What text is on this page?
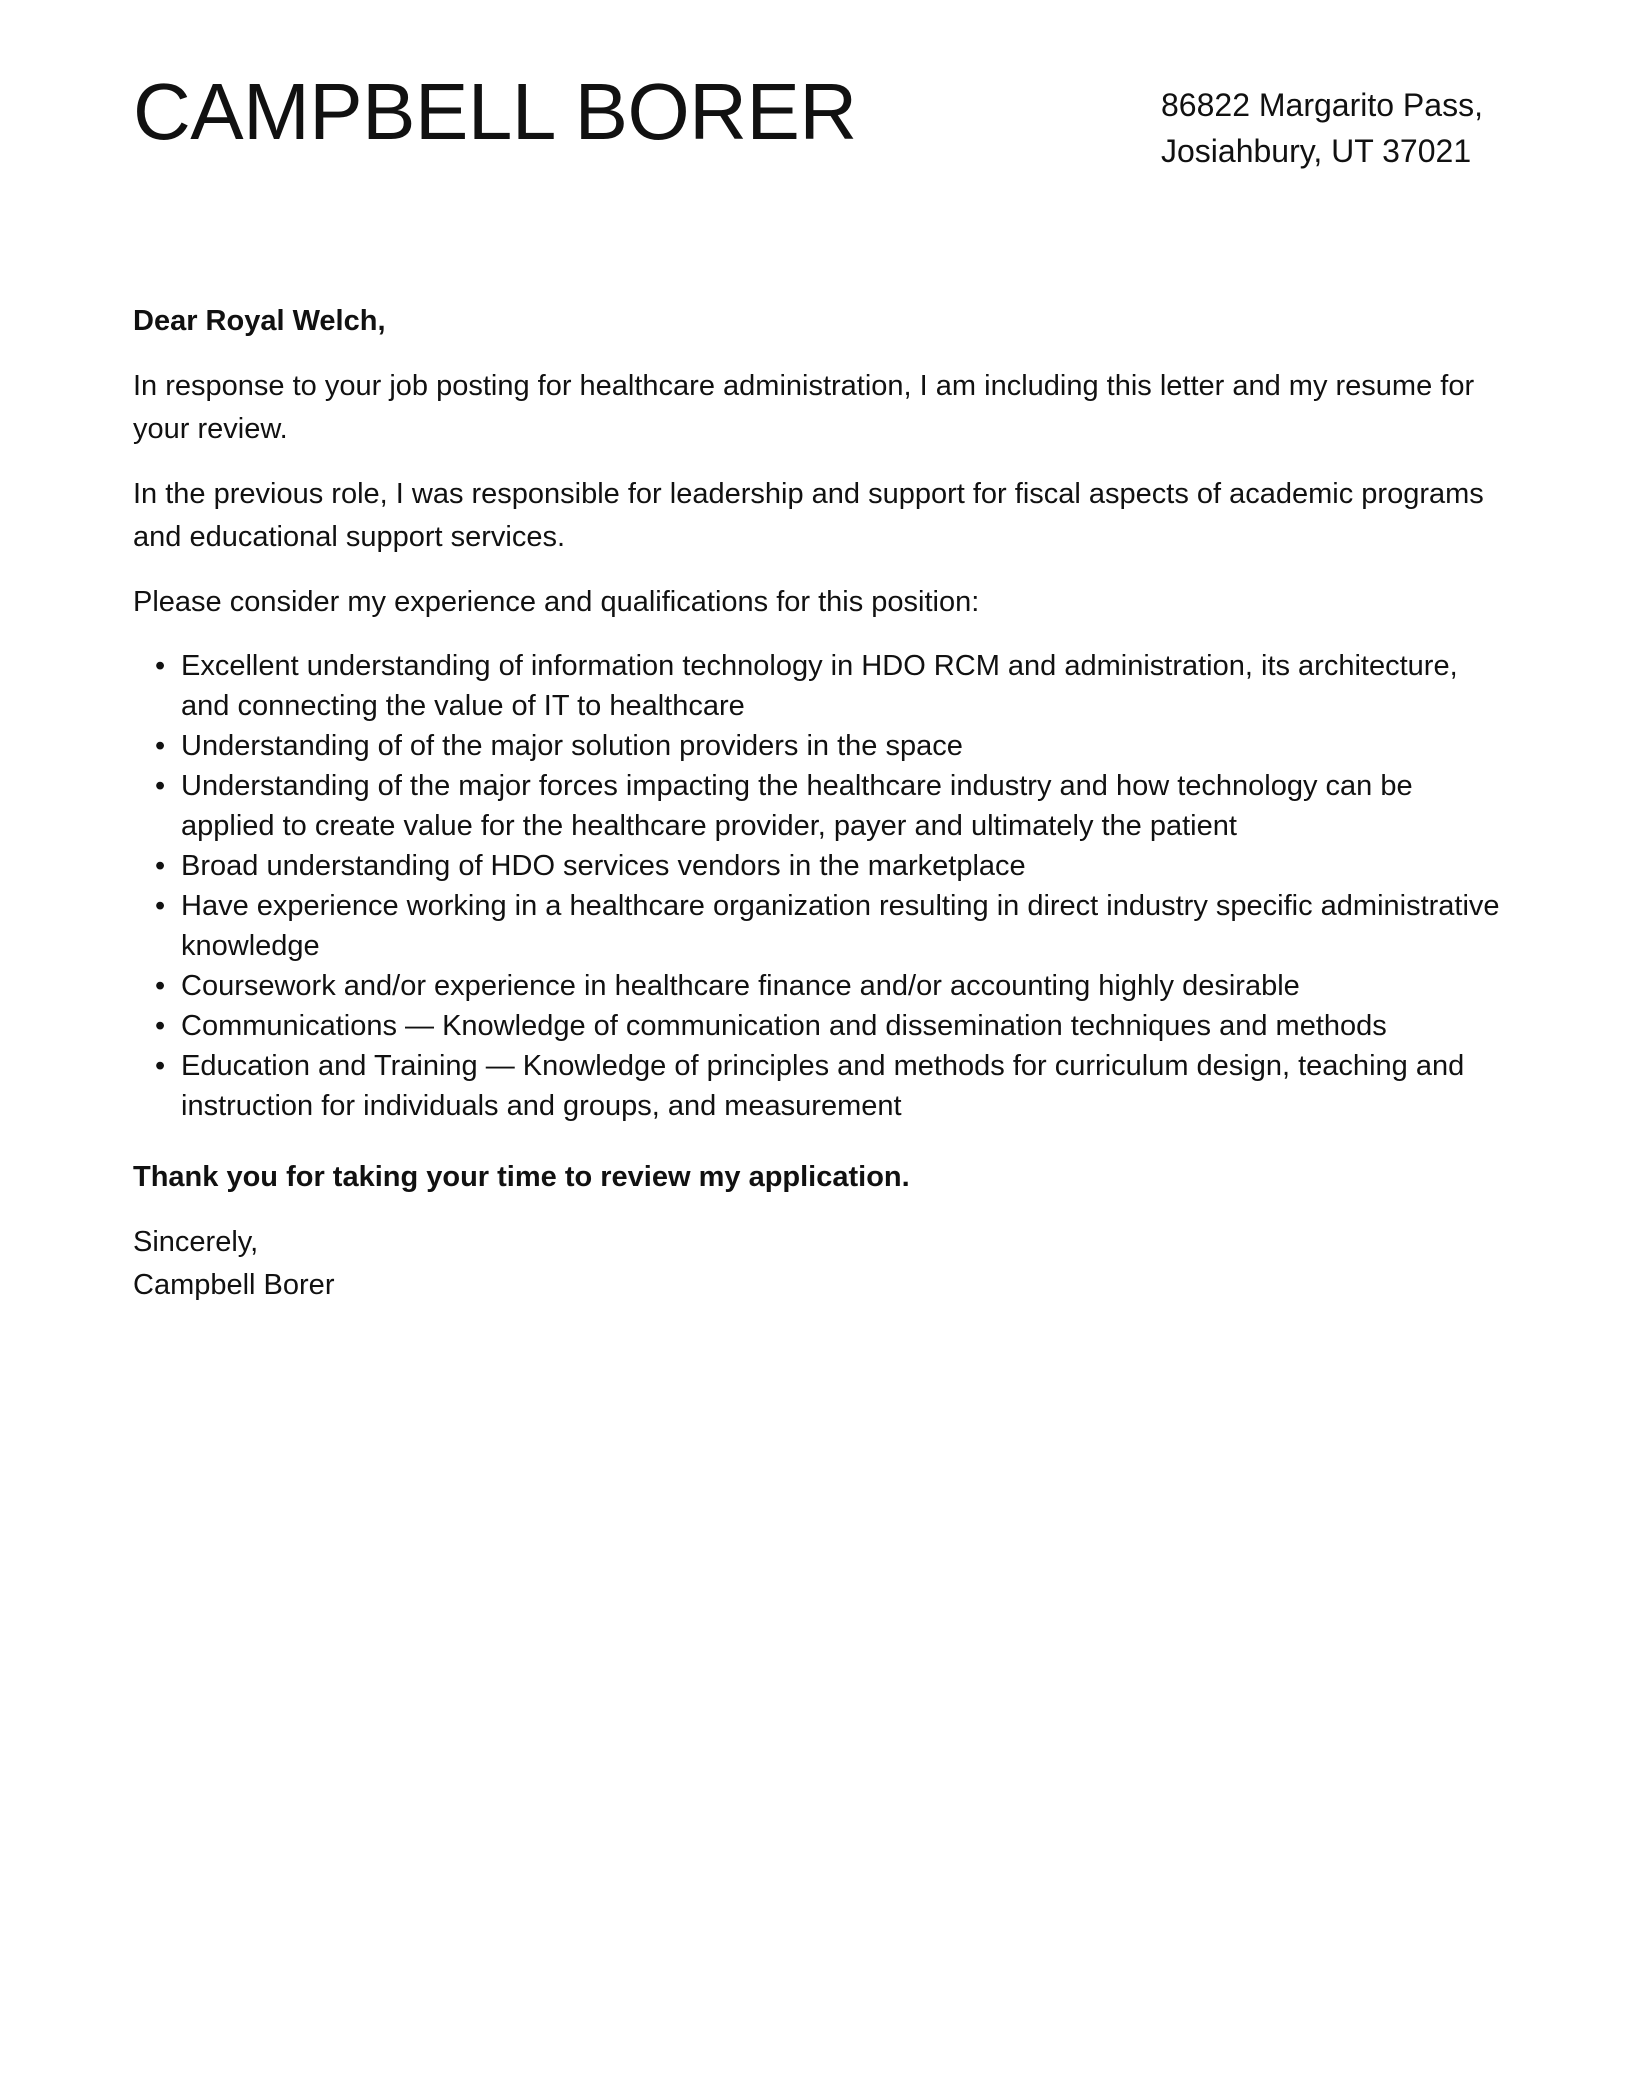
CAMPBELL BORER	86822 Margarito Pass,
Josiahbury, UT 37021

Dear Royal Welch,

In response to your job posting for healthcare administration, I am including this letter and my resume for your review.

In the previous role, I was responsible for leadership and support for fiscal aspects of academic programs and educational support services.

Please consider my experience and qualifications for this position:

• Excellent understanding of information technology in HDO RCM and administration, its architecture, and connecting the value of IT to healthcare
• Understanding of of the major solution providers in the space
• Understanding of the major forces impacting the healthcare industry and how technology can be applied to create value for the healthcare provider, payer and ultimately the patient
• Broad understanding of HDO services vendors in the marketplace
• Have experience working in a healthcare organization resulting in direct industry specific administrative knowledge
• Coursework and/or experience in healthcare finance and/or accounting highly desirable
• Communications — Knowledge of communication and dissemination techniques and methods
• Education and Training — Knowledge of principles and methods for curriculum design, teaching and instruction for individuals and groups, and measurement

Thank you for taking your time to review my application.

Sincerely,
Campbell Borer
